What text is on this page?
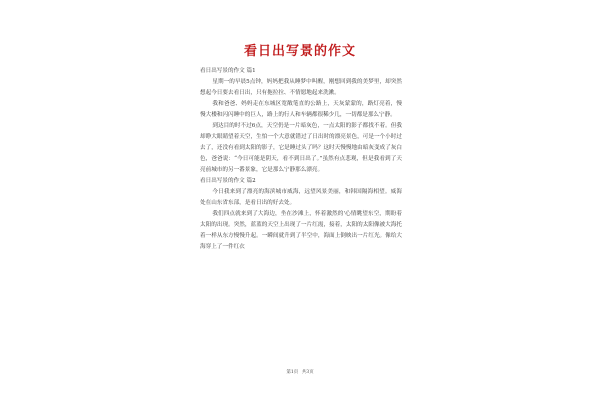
看日出写景的作文
看日出写景的作文 篇1

星期一的早晨5点钟，妈妈把我从睡梦中叫醒，刚想回到我的美梦里，却突然想起今日要去看日出，只有拖拉拉、不情愿地起来洗漱。

我和爸爸、妈妈走在东城区宽敞笔直的公路上，天灰蒙蒙的，路灯亮着，慢慢大楼和闪闪睡中的巨人，路上的行人和车辆都很稀少几，一切都是那么宁静。

到达目的时不过6点，天空仍是一片暗灰色，一点太阳的影子都找不着。但我却睁大眼睛望着天空，生怕一个大意就错过了日出时的漂亮景色，可是一个小时过去了，还没有看到太阳的影子，它是睡过头了吗？这时天慢慢地由暗灰变成了灰白色，爸爸说：“今日可能是阴天，看不到日出了。”虽然有点悲观，但是我看到了天亮前城市的另一番景象，它是那么宁静那么漂亮。

看日出写景的作文 篇2

今日我来到了漂亮的海滨城市威海，远望风景美丽，和韩国隔海相望。威海处在山东省东部，是看日出的好去处。

我们四点就来到了大海边，坐在沙滩上，怀着激然的'心情眺望东空，期盼着太阳的出现。突然，蓝蓝的天空上出现了一片红霞，接着，太阳的太阳像被大海托着一样从东方慢慢升起。一瞬间就升到了半空中，海面上倒映出一片红光。像给大海穿上了一件红衣

第1页 共3页
